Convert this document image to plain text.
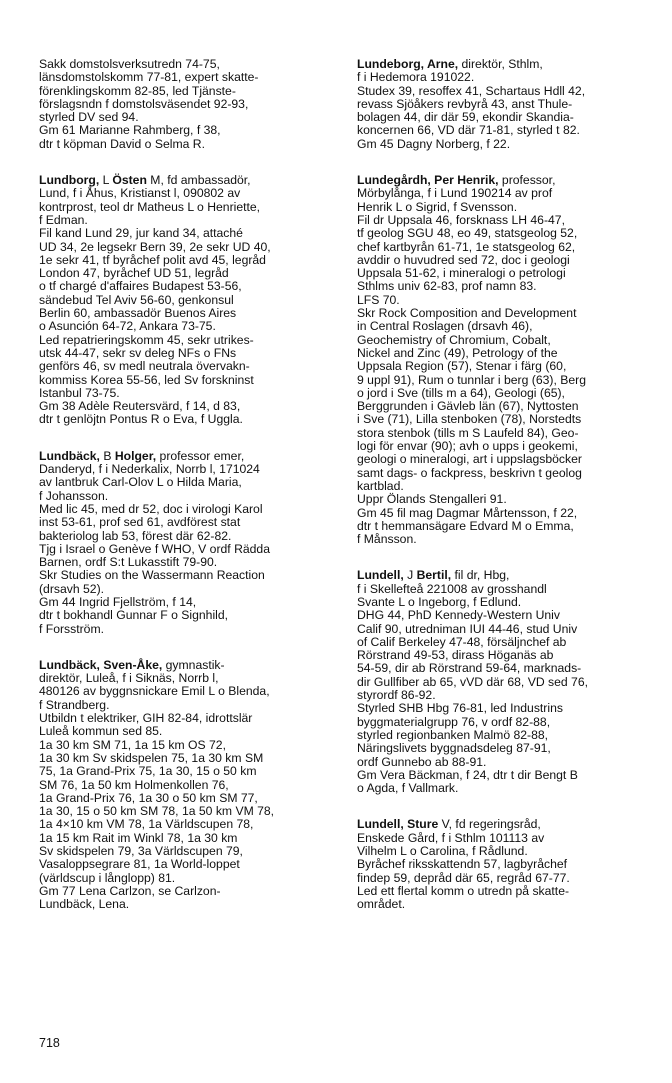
Sakk domstolsverksutredn 74-75,
länsdomstolskomm 77-81, expert skatte-
förenklingskomm 82-85, led Tjänste-
förslagsndn f domstolsväsendet 92-93,
styrled DV sed 94.
Gm 61 Marianne Rahmberg, f 38,
dtr t köpman David o Selma R.
Lundborg, L Östen M, fd ambassadör,
Lund, f i Åhus, Kristianst l, 090802 av
kontrprost, teol dr Matheus L o Henriette,
f Edman.
Fil kand Lund 29, jur kand 34, attaché
UD 34, 2e legsekr Bern 39, 2e sekr UD 40,
1e sekr 41, tf byråchef polit avd 45, legråd
London 47, byråchef UD 51, legråd
o tf chargé d'affaires Budapest 53-56,
sändebud Tel Aviv 56-60, genkonsul
Berlin 60, ambassadör Buenos Aires
o Asunción 64-72, Ankara 73-75.
Led repatrieringskomm 45, sekr utrikes-
utsk 44-47, sekr sv deleg NFs o FNs
genförs 46, sv medl neutrala övervakn-
kommiss Korea 55-56, led Sv forskninst
Istanbul 73-75.
Gm 38 Adèle Reutersvärd, f 14, d 83,
dtr t genlöjtn Pontus R o Eva, f Uggla.
Lundbäck, B Holger, professor emer,
Danderyd, f i Nederkalix, Norrb l, 171024
av lantbruk Carl-Olov L o Hilda Maria,
f Johansson.
Med lic 45, med dr 52, doc i virologi Karol
inst 53-61, prof sed 61, avdförest stat
bakteriolog lab 53, förest där 62-82.
Tjg i Israel o Genève f WHO, V ordf Rädda
Barnen, ordf S:t Lukasstift 79-90.
Skr Studies on the Wassermann Reaction
(drsavh 52).
Gm 44 Ingrid Fjellström, f 14,
dtr t bokhandl Gunnar F o Signhild,
f Forsström.
Lundbäck, Sven-Åke, gymnastik-
direktör, Luleå, f i Siknäs, Norrb l,
480126 av byggnsnickare Emil L o Blenda,
f Strandberg.
Utbildn t elektriker, GIH 82-84, idrottslär
Luleå kommun sed 85.
1a 30 km SM 71, 1a 15 km OS 72,
1a 30 km Sv skidspelen 75, 1a 30 km SM
75, 1a Grand-Prix 75, 1a 30, 15 o 50 km
SM 76, 1a 50 km Holmenkollen 76,
1a Grand-Prix 76, 1a 30 o 50 km SM 77,
1a 30, 15 o 50 km SM 78, 1a 50 km VM 78,
1a 4×10 km VM 78, 1a Världscupen 78,
1a 15 km Rait im Winkl 78, 1a 30 km
Sv skidspelen 79, 3a Världscupen 79,
Vasaloppsegrare 81, 1a World-loppet
(världscup i långlopp) 81.
Gm 77 Lena Carlzon, se Carlzon-
Lundbäck, Lena.
Lundeborg, Arne, direktör, Sthlm,
f i Hedemora 191022.
Studex 39, resoffex 41, Schartaus Hdll 42,
revass Sjöåkers revbyrå 43, anst Thule-
bolagen 44, dir där 59, ekondir Skandia-
koncernen 66, VD där 71-81, styrled t 82.
Gm 45 Dagny Norberg, f 22.
Lundegårdh, Per Henrik, professor,
Mörbylånga, f i Lund 190214 av prof
Henrik L o Sigrid, f Svensson.
Fil dr Uppsala 46, forsknass LH 46-47,
tf geolog SGU 48, eo 49, statsgeolog 52,
chef kartbyrån 61-71, 1e statsgeolog 62,
avddir o huvudred sed 72, doc i geologi
Uppsala 51-62, i mineralogi o petrologi
Sthlms univ 62-83, prof namn 83.
LFS 70.
Skr Rock Composition and Development
in Central Roslagen (drsavh 46),
Geochemistry of Chromium, Cobalt,
Nickel and Zinc (49), Petrology of the
Uppsala Region (57), Stenar i färg (60,
9 uppl 91), Rum o tunnlar i berg (63), Berg
o jord i Sve (tills m a 64), Geologi (65),
Berggrunden i Gävleb län (67), Nyttosten
i Sve (71), Lilla stenboken (78), Norstedts
stora stenbok (tills m S Laufeld 84), Geo-
logi för envar (90); avh o upps i geokemi,
geologi o mineralogi, art i uppslagsböcker
samt dags- o fackpress, beskrivn t geolog
kartblad.
Uppr Ölands Stengalleri 91.
Gm 45 fil mag Dagmar Mårtensson, f 22,
dtr t hemmansägare Edvard M o Emma,
f Månsson.
Lundell, J Bertil, fil dr, Hbg,
f i Skellefteå 221008 av grosshandl
Svante L o Ingeborg, f Edlund.
DHG 44, PhD Kennedy-Western Univ
Calif 90, utredniman IUI 44-46, stud Univ
of Calif Berkeley 47-48, försäljnchef ab
Rörstrand 49-53, dirass Höganäs ab
54-59, dir ab Rörstrand 59-64, marknads-
dir Gullfiber ab 65, vVD där 68, VD sed 76,
styrordf 86-92.
Styrled SHB Hbg 76-81, led Industrins
byggmaterialgrupp 76, v ordf 82-88,
styrled regionbanken Malmö 82-88,
Näringslivets byggnadsdeleg 87-91,
ordf Gunnebo ab 88-91.
Gm Vera Bäckman, f 24, dtr t dir Bengt B
o Agda, f Vallmark.
Lundell, Sture V, fd regeringsråd,
Enskede Gård, f i Sthlm 101113 av
Vilhelm L o Carolina, f Rådlund.
Byråchef riksskattendn 57, lagbyråchef
findep 59, depråd där 65, regråd 67-77.
Led ett flertal komm o utredn på skatte-
området.
718
